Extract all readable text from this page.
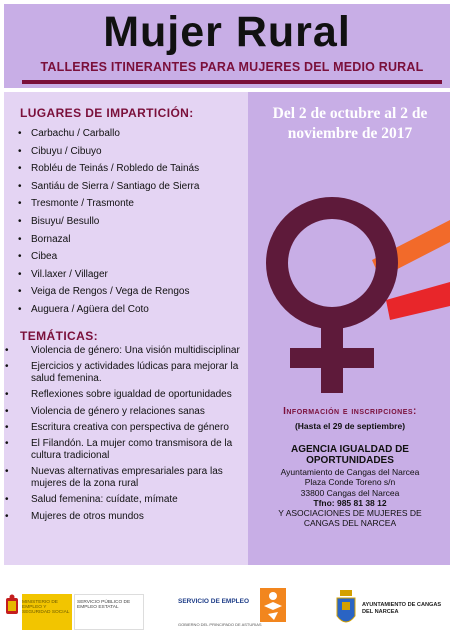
Mujer Rural
TALLERES ITINERANTES PARA MUJERES DEL MEDIO RURAL
LUGARES DE IMPARTICIÓN:
• Carbachu / Carballo
• Cibuyu / Cibuyo
• Robléu de Teinás / Robledo de Tainás
• Santiáu de Sierra / Santiago de Sierra
• Tresmonte / Trasmonte
• Bisuyu/ Besullo
• Bornazal
• Cibea
• Vil.laxer / Villager
• Veiga de Rengos / Vega de Rengos
• Auguera / Agüera del Coto
TEMÁTICAS:
• Violencia de género: Una visión multidisciplinar
• Ejercicios y actividades lúdicas para mejorar la salud femenina.
• Reflexiones sobre igualdad de oportunidades
• Violencia de género y relaciones sanas
• Escritura creativa con perspectiva de género
• El Filandón. La mujer como transmisora de la cultura tradicional
• Nuevas alternativas empresariales para las mujeres de la zona rural
• Salud femenina: cuídate, mímate
• Mujeres de otros mundos
Del 2 de octubre al 2 de noviembre de 2017
Información e inscripciones:
(Hasta el 29 de septiembre)
AGENCIA IGUALDAD DE OPORTUNIDADES
Ayuntamiento de Cangas del Narcea
Plaza Conde Toreno s/n
33800 Cangas del Narcea
Tfno: 985 81 38 12
Y ASOCIACIONES DE MUJERES DE
CANGAS DEL NARCEA
MINISTERIO DE EMPLEO Y SEGURIDAD SOCIAL
SERVICIO PÚBLICO DE EMPLEO ESTATAL
SERVICIO DE EMPLEO
GOBIERNO DEL PRINCIPADO DE ASTURIAS
AYUNTAMIENTO DE CANGAS DEL NARCEA
